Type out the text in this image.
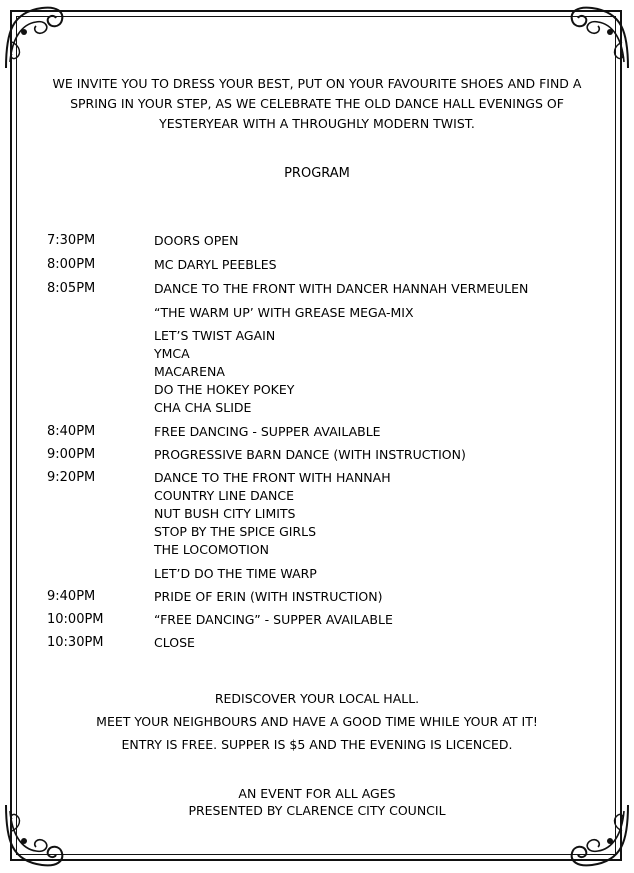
WE INVITE YOU TO DRESS YOUR BEST, PUT ON YOUR FAVOURITE SHOES AND FIND A
SPRING IN YOUR STEP, AS WE CELEBRATE THE OLD DANCE HALL EVENINGS OF
YESTERYEAR WITH A THROUGHLY MODERN TWIST.
PROGRAM
7:30PM	DOORS OPEN
8:00PM	MC DARYL PEEBLES
8:05PM	DANCE TO THE FRONT WITH DANCER HANNAH VERMEULEN
“THE WARM UP’ WITH GREASE MEGA-MIX
LET’S TWIST AGAIN
YMCA
MACARENA
DO THE HOKEY POKEY
CHA CHA SLIDE
8:40PM	FREE DANCING - SUPPER AVAILABLE
9:00PM	PROGRESSIVE BARN DANCE (WITH INSTRUCTION)
9:20PM	DANCE TO THE FRONT WITH HANNAH
COUNTRY LINE DANCE
NUT BUSH CITY LIMITS
STOP BY THE SPICE GIRLS
THE LOCOMOTION
LET’D DO THE TIME WARP
9:40PM	PRIDE OF ERIN (WITH INSTRUCTION)
10:00PM	“FREE DANCING” - SUPPER AVAILABLE
10:30PM	CLOSE
REDISCOVER YOUR LOCAL HALL.
MEET YOUR NEIGHBOURS AND HAVE A GOOD TIME WHILE YOUR AT IT!
ENTRY IS FREE. SUPPER IS $5 AND THE EVENING IS LICENCED.
AN EVENT FOR ALL AGES
PRESENTED BY CLARENCE CITY COUNCIL
